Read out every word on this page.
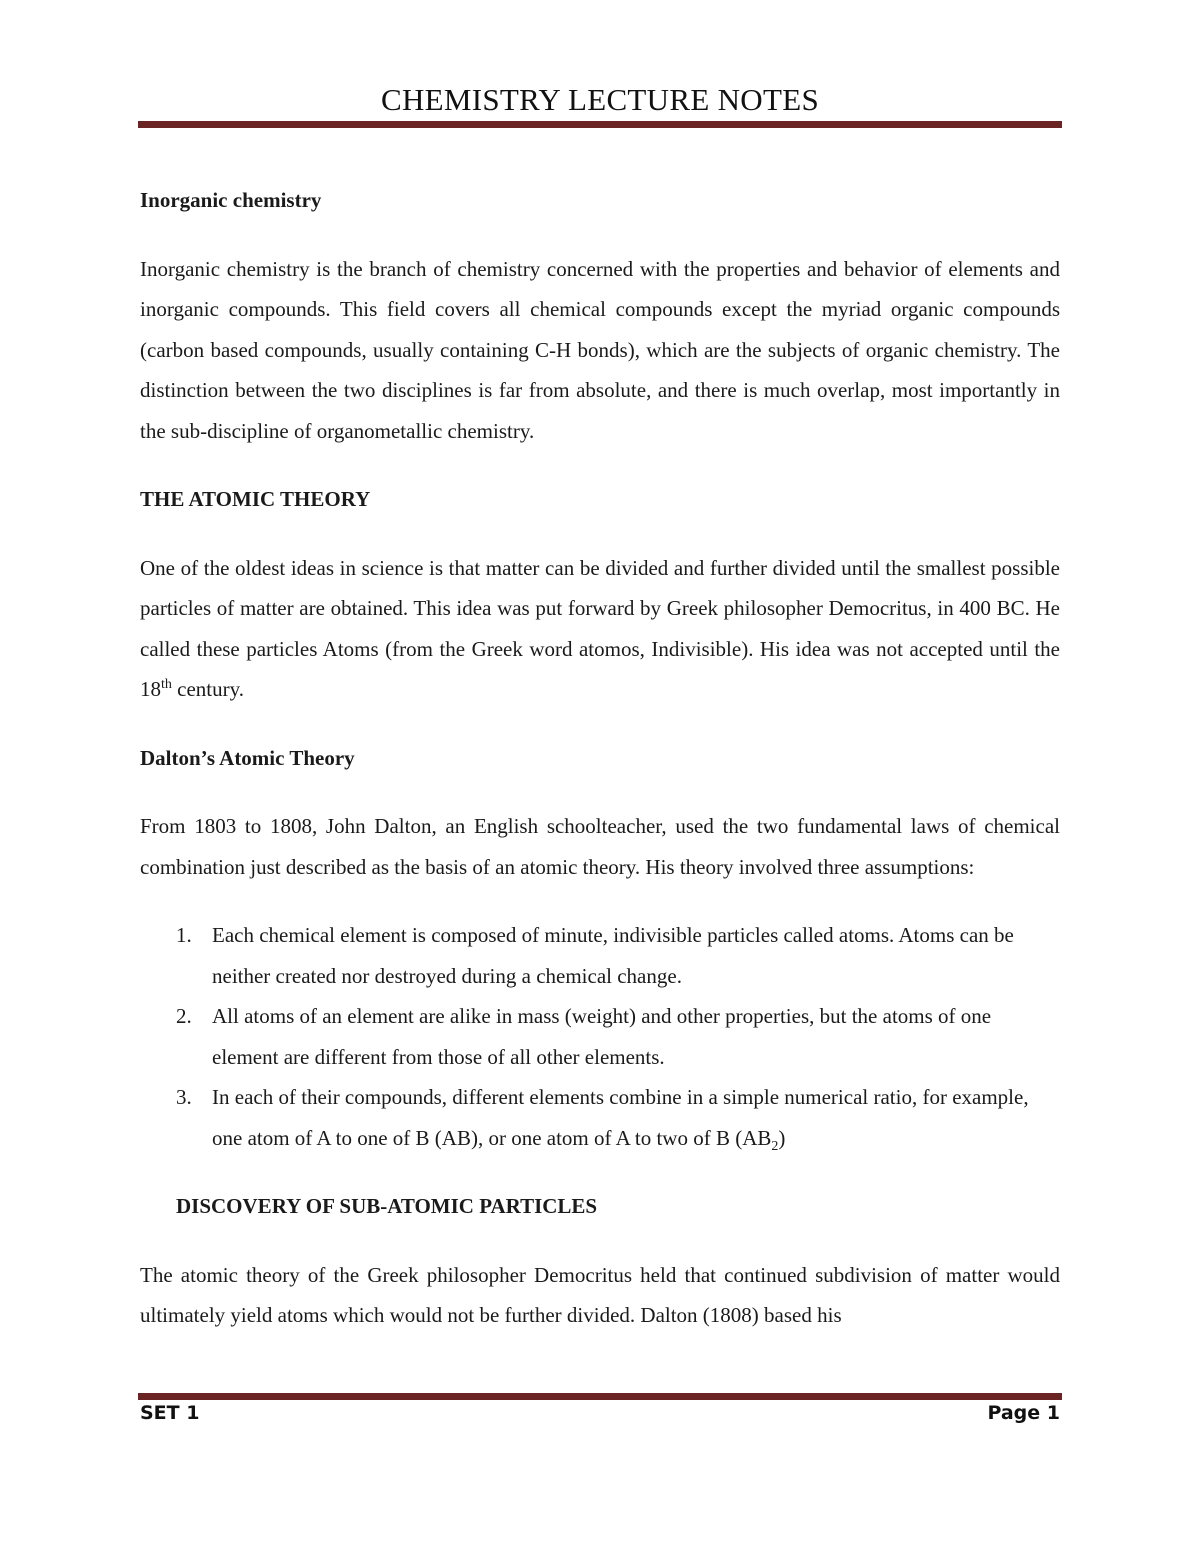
CHEMISTRY LECTURE NOTES

Inorganic chemistry

Inorganic chemistry is the branch of chemistry concerned with the properties and behavior of elements and inorganic compounds. This field covers all chemical compounds except the myriad organic compounds (carbon based compounds, usually containing C-H bonds), which are the subjects of organic chemistry. The distinction between the two disciplines is far from absolute, and there is much overlap, most importantly in the sub-discipline of organometallic chemistry.

THE ATOMIC THEORY

One of the oldest ideas in science is that matter can be divided and further divided until the smallest possible particles of matter are obtained. This idea was put forward by Greek philosopher Democritus, in 400 BC. He called these particles Atoms (from the Greek word atomos, Indivisible). His idea was not accepted until the 18th century.

Dalton’s Atomic Theory

From 1803 to 1808, John Dalton, an English schoolteacher, used the two fundamental laws of chemical combination just described as the basis of an atomic theory. His theory involved three assumptions:

1. Each chemical element is composed of minute, indivisible particles called atoms. Atoms can be neither created nor destroyed during a chemical change.
2. All atoms of an element are alike in mass (weight) and other properties, but the atoms of one element are different from those of all other elements.
3. In each of their compounds, different elements combine in a simple numerical ratio, for example, one atom of A to one of B (AB), or one atom of A to two of B $(AB_2)$

DISCOVERY OF SUB-ATOMIC PARTICLES

The atomic theory of the Greek philosopher Democritus held that continued subdivision of matter would ultimately yield atoms which would not be further divided. Dalton (1808) based his

SET 1	Page 1
